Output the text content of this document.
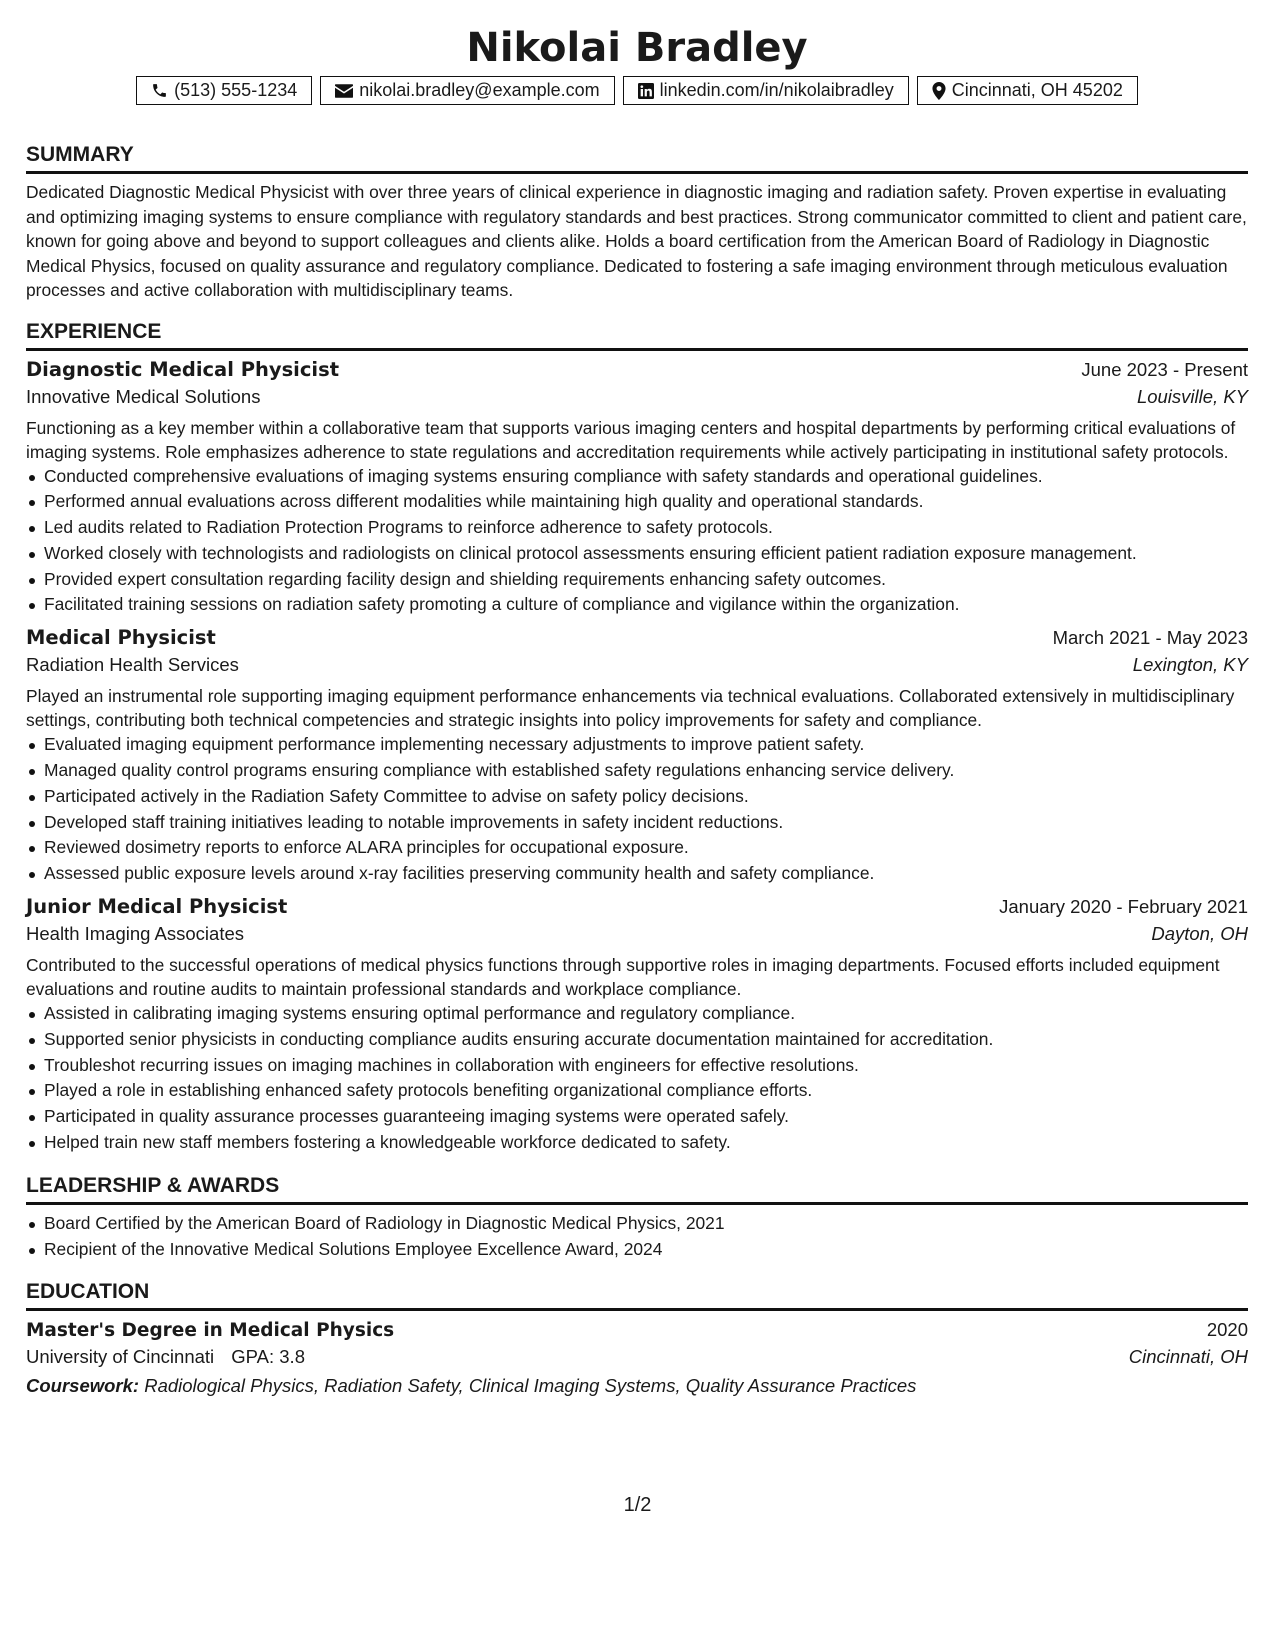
Nikolai Bradley
(513) 555-1234	nikolai.bradley@example.com	linkedin.com/in/nikolaibradley	Cincinnati, OH 45202
SUMMARY

Dedicated Diagnostic Medical Physicist with over three years of clinical experience in diagnostic imaging and radiation safety. Proven expertise in evaluating and optimizing imaging systems to ensure compliance with regulatory standards and best practices. Strong communicator committed to client and patient care, known for going above and beyond to support colleagues and clients alike. Holds a board certification from the American Board of Radiology in Diagnostic Medical Physics, focused on quality assurance and regulatory compliance. Dedicated to fostering a safe imaging environment through meticulous evaluation processes and active collaboration with multidisciplinary teams.

EXPERIENCE
Diagnostic Medical Physicist	June 2023 - Present
Innovative Medical Solutions	Louisville, KY

Functioning as a key member within a collaborative team that supports various imaging centers and hospital departments by performing critical evaluations of imaging systems. Role emphasizes adherence to state regulations and accreditation requirements while actively participating in institutional safety protocols.

Conducted comprehensive evaluations of imaging systems ensuring compliance with safety standards and operational guidelines.
Performed annual evaluations across different modalities while maintaining high quality and operational standards.
Led audits related to Radiation Protection Programs to reinforce adherence to safety protocols.
Worked closely with technologists and radiologists on clinical protocol assessments ensuring efficient patient radiation exposure management.
Provided expert consultation regarding facility design and shielding requirements enhancing safety outcomes.
Facilitated training sessions on radiation safety promoting a culture of compliance and vigilance within the organization.
Medical Physicist	March 2021 - May 2023
Radiation Health Services	Lexington, KY

Played an instrumental role supporting imaging equipment performance enhancements via technical evaluations. Collaborated extensively in multidisciplinary settings, contributing both technical competencies and strategic insights into policy improvements for safety and compliance.

Evaluated imaging equipment performance implementing necessary adjustments to improve patient safety.
Managed quality control programs ensuring compliance with established safety regulations enhancing service delivery.
Participated actively in the Radiation Safety Committee to advise on safety policy decisions.
Developed staff training initiatives leading to notable improvements in safety incident reductions.
Reviewed dosimetry reports to enforce ALARA principles for occupational exposure.
Assessed public exposure levels around x-ray facilities preserving community health and safety compliance.
Junior Medical Physicist	January 2020 - February 2021
Health Imaging Associates	Dayton, OH

Contributed to the successful operations of medical physics functions through supportive roles in imaging departments. Focused efforts included equipment evaluations and routine audits to maintain professional standards and workplace compliance.

Assisted in calibrating imaging systems ensuring optimal performance and regulatory compliance.
Supported senior physicists in conducting compliance audits ensuring accurate documentation maintained for accreditation.
Troubleshot recurring issues on imaging machines in collaboration with engineers for effective resolutions.
Played a role in establishing enhanced safety protocols benefiting organizational compliance efforts.
Participated in quality assurance processes guaranteeing imaging systems were operated safely.
Helped train new staff members fostering a knowledgeable workforce dedicated to safety.
LEADERSHIP & AWARDS
Board Certified by the American Board of Radiology in Diagnostic Medical Physics, 2021
Recipient of the Innovative Medical Solutions Employee Excellence Award, 2024
EDUCATION
Master's Degree in Medical Physics	2020
University of Cincinnati GPA: 3.8	Cincinnati, OH
Coursework: Radiological Physics, Radiation Safety, Clinical Imaging Systems, Quality Assurance Practices
1/2
